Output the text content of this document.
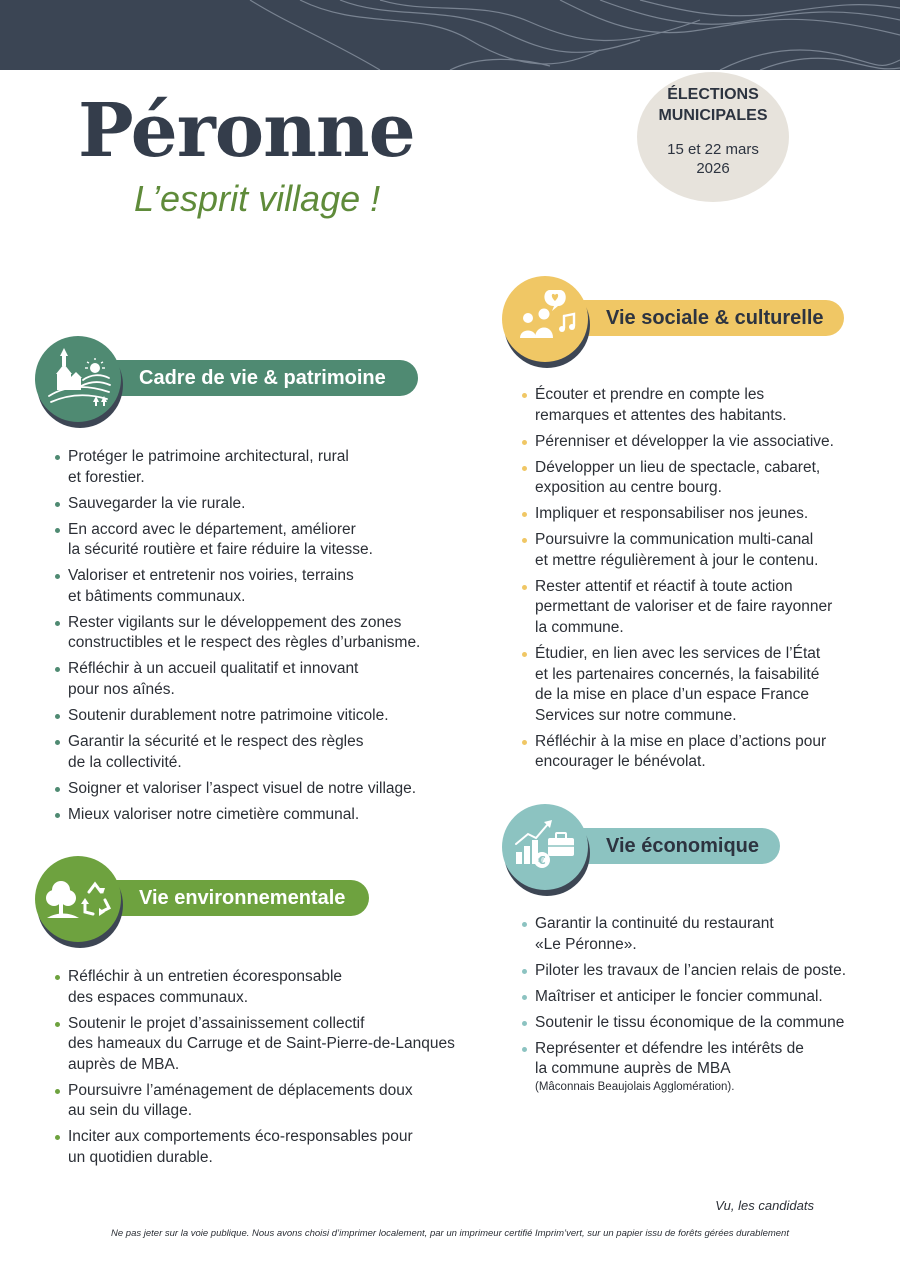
Péronne
L’esprit village !
ÉLECTIONS
MUNICIPALES
15 et 22 mars
2026
Cadre de vie & patrimoine
Protéger le patrimoine architectural, rural
et forestier.
Sauvegarder la vie rurale.
En accord avec le département, améliorer
la sécurité routière et faire réduire la vitesse.
Valoriser et entretenir nos voiries, terrains
et bâtiments communaux.
Rester vigilants sur le développement des zones
constructibles et le respect des règles d’urbanisme.
Réfléchir à un accueil qualitatif et innovant
pour nos aînés.
Soutenir durablement notre patrimoine viticole.
Garantir la sécurité et le respect des règles
de la collectivité.
Soigner et valoriser l’aspect visuel de notre village.
Mieux valoriser notre cimetière communal.
Vie environnementale
Réfléchir à un entretien écoresponsable
des espaces communaux.
Soutenir le projet d’assainissement collectif
des hameaux du Carruge et de Saint-Pierre-de-Lanques
auprès de MBA.
Poursuivre l’aménagement de déplacements doux
au sein du village.
Inciter aux comportements éco-responsables pour
un quotidien durable.
Vie sociale & culturelle
Écouter et prendre en compte les
remarques et attentes des habitants.
Pérenniser et développer la vie associative.
Développer un lieu de spectacle, cabaret,
exposition au centre bourg.
Impliquer et responsabiliser nos jeunes.
Poursuivre la communication multi-canal
et mettre régulièrement à jour le contenu.
Rester attentif et réactif à toute action
permettant de valoriser et de faire rayonner
la commune.
Étudier, en lien avec les services de l’État
et les partenaires concernés, la faisabilité
de la mise en place d’un espace France
Services sur notre commune.
Réfléchir à la mise en place d’actions pour
encourager le bénévolat.
Vie économique
€
Garantir la continuité du restaurant
«Le Péronne».
Piloter les travaux de l’ancien relais de poste.
Maîtriser et anticiper le foncier communal.
Soutenir le tissu économique de la commune
Représenter et défendre les intérêts de
la commune auprès de MBA
(Mâconnais Beaujolais Agglomération).
Vu, les candidats
Ne pas jeter sur la voie publique. Nous avons choisi d’imprimer localement, par un imprimeur certifié Imprim’vert, sur un papier issu de forêts gérées durablement
